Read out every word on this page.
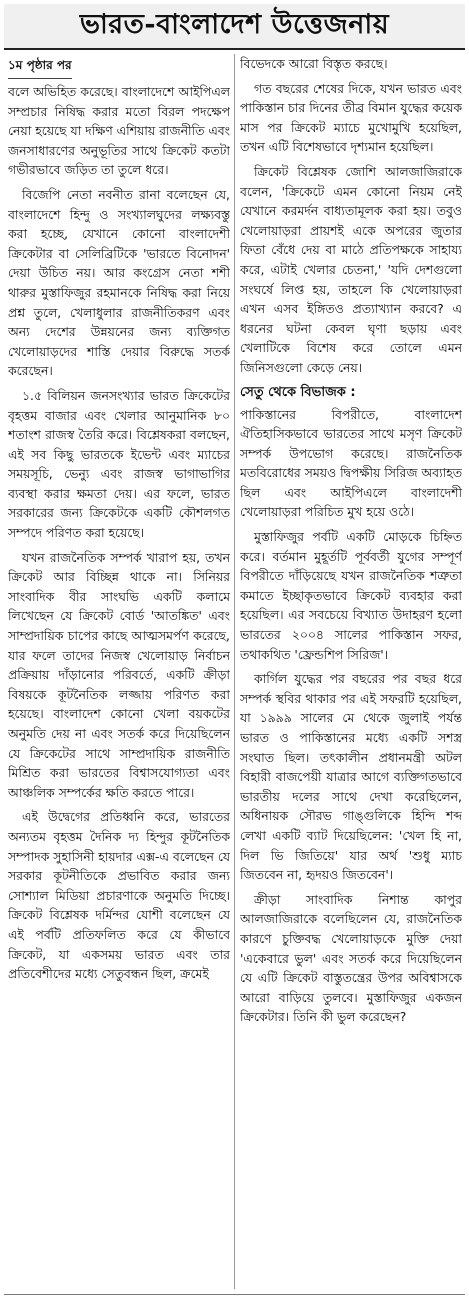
ভারত-বাংলাদেশ উত্তেজনায়
১ম পৃষ্ঠার পর

বলে অভিহিত করেছে। বাংলাদেশে আইপিএল সম্প্রচার নিষিদ্ধ করার মতো বিরল পদক্ষেপ নেয়া হয়েছে যা দক্ষিণ এশিয়ায় রাজনীতি এবং জনসাধারণের অনুভূতির সাথে ক্রিকেট কতটা গভীরভাবে জড়িত তা তুলে ধরে।

বিজেপি নেতা নবনীত রানা বলেছেন যে, বাংলাদেশে হিন্দু ও সংখ্যালঘুদের লক্ষ্যবস্তু করা হচ্ছে, যেখানে কোনো বাংলাদেশী ক্রিকেটার বা সেলিব্রিটিকে 'ভারতে বিনোদন' দেয়া উচিত নয়। আর কংগ্রেস নেতা শশী থারুর মুস্তাফিজুর রহমানকে নিষিদ্ধ করা নিয়ে প্রশ্ন তুলে, খেলাধুলার রাজনীতিকরণ এবং অন্য দেশের উন্নয়নের জন্য ব্যক্তিগত খেলোয়াড়দের শাস্তি দেয়ার বিরুদ্ধে সতর্ক করেছেন।

১.৫ বিলিয়ন জনসংখ্যার ভারত ক্রিকেটের বৃহত্তম বাজার এবং খেলার আনুমানিক ৮০ শতাংশ রাজস্ব তৈরি করে। বিশ্লেষকরা বলছেন, এই সব কিছু ভারতকে ইভেন্ট এবং ম্যাচের সময়সূচি, ভেন্যু এবং রাজস্ব ভাগাভাগির ব্যবস্থা করার ক্ষমতা দেয়। এর ফলে, ভারত সরকারের জন্য ক্রিকেটকে একটি কৌশলগত সম্পদে পরিণত করা হয়েছে।

যখন রাজনৈতিক সম্পর্ক খারাপ হয়, তখন ক্রিকেট আর বিচ্ছিন্ন থাকে না। সিনিয়র সাংবাদিক বীর সাংঘভি একটি কলামে লিখেছেন যে ক্রিকেট বোর্ড 'আতঙ্কিত' এবং সাম্প্রদায়িক চাপের কাছে আত্মসমর্পণ করেছে, যার ফলে তাদের নিজস্ব খেলোয়াড় নির্বাচন প্রক্রিয়ায় দাঁড়ানোর পরিবর্তে, একটি ক্রীড়া বিষয়কে কূটনৈতিক লজ্জায় পরিণত করা হয়েছে। বাংলাদেশ কোনো খেলা বয়কটের অনুমতি দেয় না এবং সতর্ক করে দিয়েছিলেন যে ক্রিকেটের সাথে সাম্প্রদায়িক রাজনীতি মিশ্রিত করা ভারতের বিশ্বাসযোগ্যতা এবং আঞ্চলিক সম্পর্কের ক্ষতি করতে পারে।

এই উদ্বেগের প্রতিধ্বনি করে, ভারতের অন্যতম বৃহত্তম দৈনিক দ্য হিন্দুর কূটনৈতিক সম্পাদক সুহাসিনী হায়দার এক্স-এ বলেছেন যে সরকার কূটনীতিকে প্রভাবিত করার জন্য সোশ্যাল মিডিয়া প্রচারণাকে অনুমতি দিচ্ছে। ক্রিকেট বিশ্লেষক দর্মিন্দর যোশী বলেছেন যে এই পর্বটি প্রতিফলিত করে যে কীভাবে ক্রিকেট, যা একসময় ভারত এবং তার প্রতিবেশীদের মধ্যে সেতুবন্ধন ছিল, ক্রমেই

বিভেদকে আরো বিস্তৃত করছে।

গত বছরের শেষের দিকে, যখন ভারত এবং পাকিস্তান চার দিনের তীব্র বিমান যুদ্ধের কয়েক মাস পর ক্রিকেট ম্যাচে মুখোমুখি হয়েছিল, তখন এটি বিশেষভাবে দৃশ্যমান হয়েছিল।

ক্রিকেট বিশ্লেষক জোশি আলজাজিরাকে বলেন, 'ক্রিকেটে এমন কোনো নিয়ম নেই যেখানে করমর্দন বাধ্যতামূলক করা হয়। তবুও খেলোয়াড়রা প্রায়শই একে অপরের জুতার ফিতা বেঁধে দেয় বা মাঠে প্রতিপক্ষকে সাহায্য করে, এটাই খেলার চেতনা,' 'যদি দেশগুলো সংঘর্ষে লিপ্ত হয়, তাহলে কি খেলোয়াড়রা এখন এসব ইঙ্গিতও প্রত্যাখ্যান করবে? এ ধরনের ঘটনা কেবল ঘৃণা ছড়ায় এবং খেলাটিকে বিশেষ করে তোলে এমন জিনিসগুলো কেড়ে নেয়।

সেতু থেকে বিভাজক :

পাকিস্তানের বিপরীতে, বাংলাদেশ ঐতিহাসিকভাবে ভারতের সাথে মসৃণ ক্রিকেট সম্পর্ক উপভোগ করেছে। রাজনৈতিক মতবিরোধের সময়ও দ্বিপক্ষীয় সিরিজ অব্যাহত ছিল এবং আইপিএলে বাংলাদেশী খেলোয়াড়রা পরিচিত মুখ হয়ে ওঠে।

মুস্তাফিজুর পর্বটি একটি মোড়কে চিহ্নিত করে। বর্তমান মুহূর্তটি পূর্ববর্তী যুগের সম্পূর্ণ বিপরীতে দাঁড়িয়েছে যখন রাজনৈতিক শত্রুতা কমাতে ইচ্ছাকৃতভাবে ক্রিকেট ব্যবহার করা হয়েছিল। এর সবচেয়ে বিখ্যাত উদাহরণ হলো ভারতের ২০০৪ সালের পাকিস্তান সফর, তথাকথিত 'ফ্রেন্ডশিপ সিরিজ'।

কার্গিল যুদ্ধের পর বছরের পর বছর ধরে সম্পর্ক স্থবির থাকার পর এই সফরটি হয়েছিল, যা ১৯৯৯ সালের মে থেকে জুলাই পর্যন্ত ভারত ও পাকিস্তানের মধ্যে একটি সশস্ত্র সংঘাত ছিল। তৎকালীন প্রধানমন্ত্রী অটল বিহারী বাজপেয়ী যাত্রার আগে ব্যক্তিগতভাবে ভারতীয় দলের সাথে দেখা করেছিলেন, অধিনায়ক সৌরভ গাঙ্গুলিকে হিন্দি শব্দ লেখা একটি ব্যাট দিয়েছিলেন: 'খেল হি না, দিল ভি জিতিয়ে' যার অর্থ 'শুধু ম্যাচ জিতবেন না, হৃদয়ও জিতবেন'।

ক্রীড়া সাংবাদিক নিশান্ত কাপুর আলজাজিরাকে বলেছিলেন যে, রাজনৈতিক কারণে চুক্তিবদ্ধ খেলোয়াড়কে মুক্তি দেয়া 'একেবারে ভুল' এবং সতর্ক করে দিয়েছিলেন যে এটি ক্রিকেট বাস্তুতন্ত্রের উপর অবিশ্বাসকে আরো বাড়িয়ে তুলবে। মুস্তাফিজুর একজন ক্রিকেটার। তিনি কী ভুল করেছেন?
